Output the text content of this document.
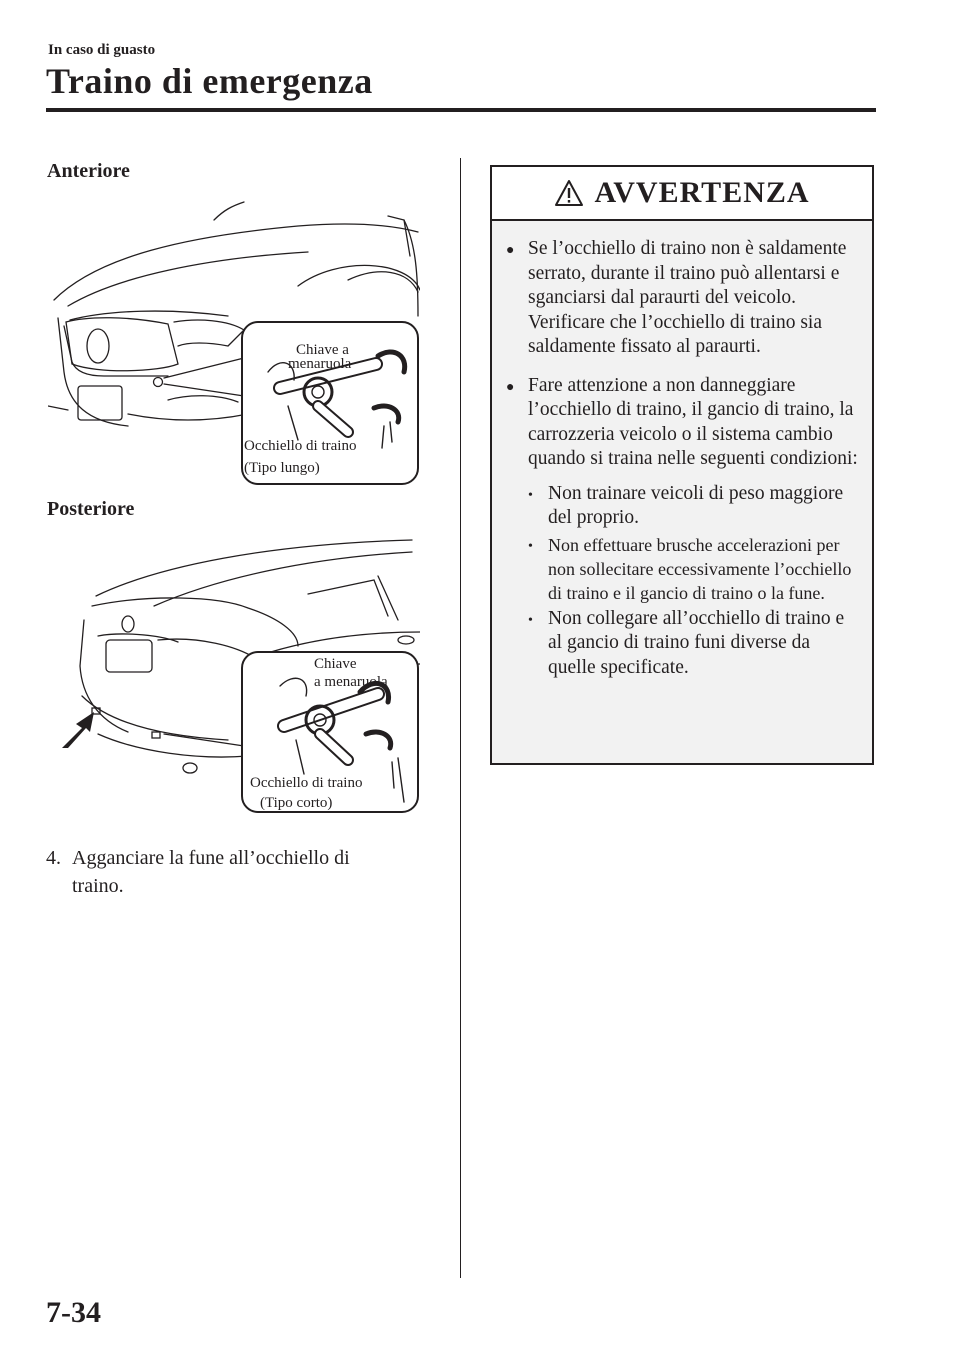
In caso di guasto
Traino di emergenza
Anteriore
Chiave a
menaruola
Occhiello di traino
(Tipo lungo)
Posteriore
Chiave
a menaruola
Occhiello di traino
(Tipo corto)
4. Agganciare la fune all’occhiello di
traino.
AVVERTENZA
● Se l’occhiello di traino non è saldamente serrato, durante il traino può allentarsi e sganciarsi dal paraurti del veicolo. Verificare che l’occhiello di traino sia saldamente fissato al paraurti.
● Fare attenzione a non danneggiare l’occhiello di traino, il gancio di traino, la carrozzeria veicolo o il sistema cambio quando si traina nelle seguenti condizioni:
• Non trainare veicoli di peso maggiore del proprio.
• Non effettuare brusche accelerazioni per non sollecitare eccessivamente l’occhiello di traino e il gancio di traino o la fune.
• Non collegare all’occhiello di traino e al gancio di traino funi diverse da quelle specificate.
7-34
